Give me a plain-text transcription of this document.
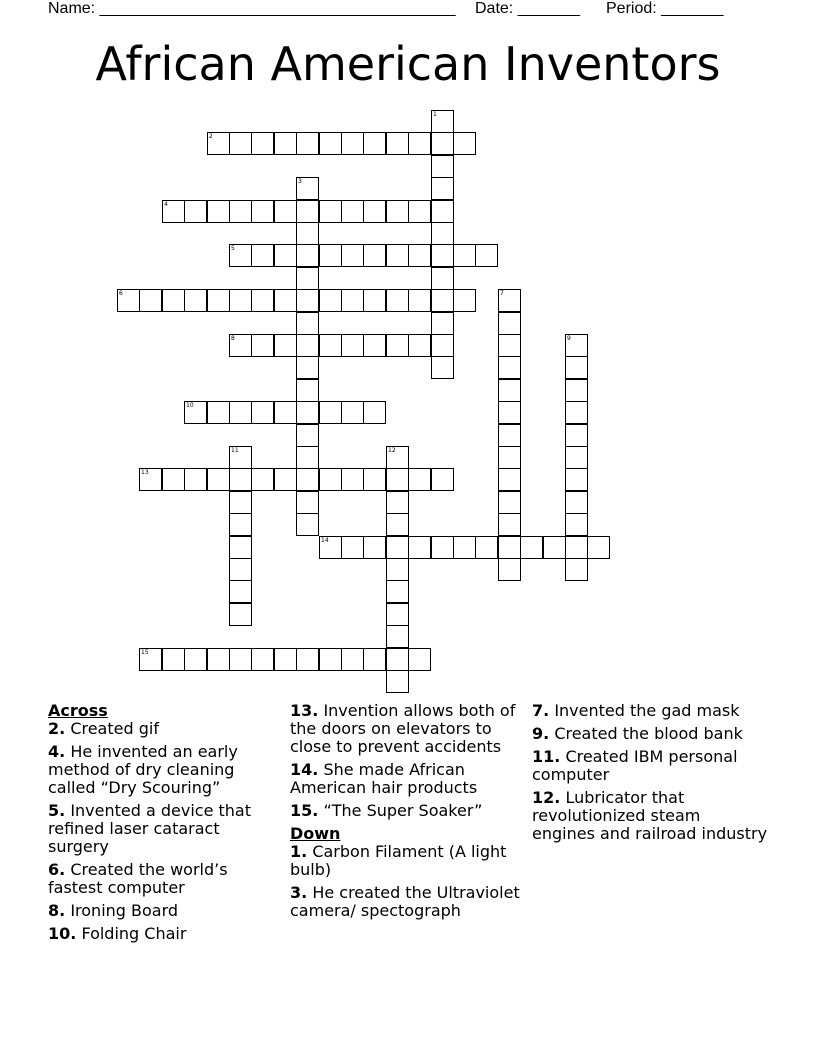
Name: ________________________________________ Date: _______ Period: _______
African American Inventors
1
2
3
4
5
6	7
8	9
10
11	12
13
14
15

Across

2. Created gif

4. He invented an early method of dry cleaning called “Dry Scouring”

5. Invented a device that refined laser cataract surgery

6. Created the world’s fastest computer

8. Ironing Board

10. Folding Chair

13. Invention allows both of the doors on elevators to close to prevent accidents

14. She made African American hair products

15. “The Super Soaker”

Down

1. Carbon Filament (A light bulb)

3. He created the Ultraviolet camera/ spectograph

7. Invented the gad mask

9. Created the blood bank

11. Created IBM personal computer

12. Lubricator that revolutionized steam engines and railroad industry
